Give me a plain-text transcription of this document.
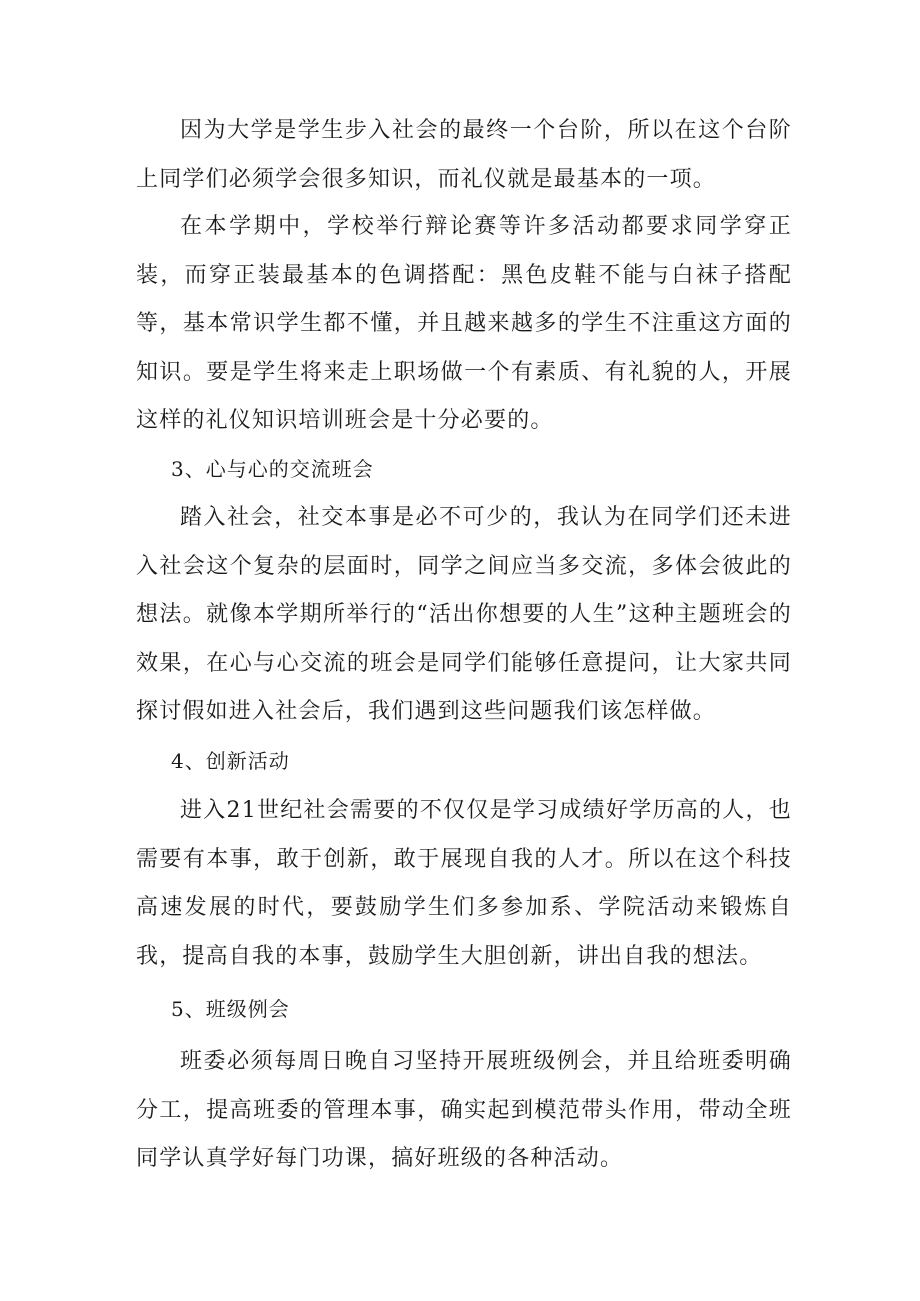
因为大学是学生步入社会的最终一个台阶，所以在这个台阶上同学们必须学会很多知识，而礼仪就是最基本的一项。

在本学期中，学校举行辩论赛等许多活动都要求同学穿正装，而穿正装最基本的色调搭配：黑色皮鞋不能与白袜子搭配等，基本常识学生都不懂，并且越来越多的学生不注重这方面的知识。要是学生将来走上职场做一个有素质、有礼貌的人，开展这样的礼仪知识培训班会是十分必要的。

3、心与心的交流班会

踏入社会，社交本事是必不可少的，我认为在同学们还未进入社会这个复杂的层面时，同学之间应当多交流，多体会彼此的想法。就像本学期所举行的“活出你想要的人生”这种主题班会的效果，在心与心交流的班会是同学们能够任意提问，让大家共同探讨假如进入社会后，我们遇到这些问题我们该怎样做。

4、创新活动

进入21世纪社会需要的不仅仅是学习成绩好学历高的人，也需要有本事，敢于创新，敢于展现自我的人才。所以在这个科技高速发展的时代，要鼓励学生们多参加系、学院活动来锻炼自我，提高自我的本事，鼓励学生大胆创新，讲出自我的想法。

5、班级例会

班委必须每周日晚自习坚持开展班级例会，并且给班委明确分工，提高班委的管理本事，确实起到模范带头作用，带动全班同学认真学好每门功课，搞好班级的各种活动。
